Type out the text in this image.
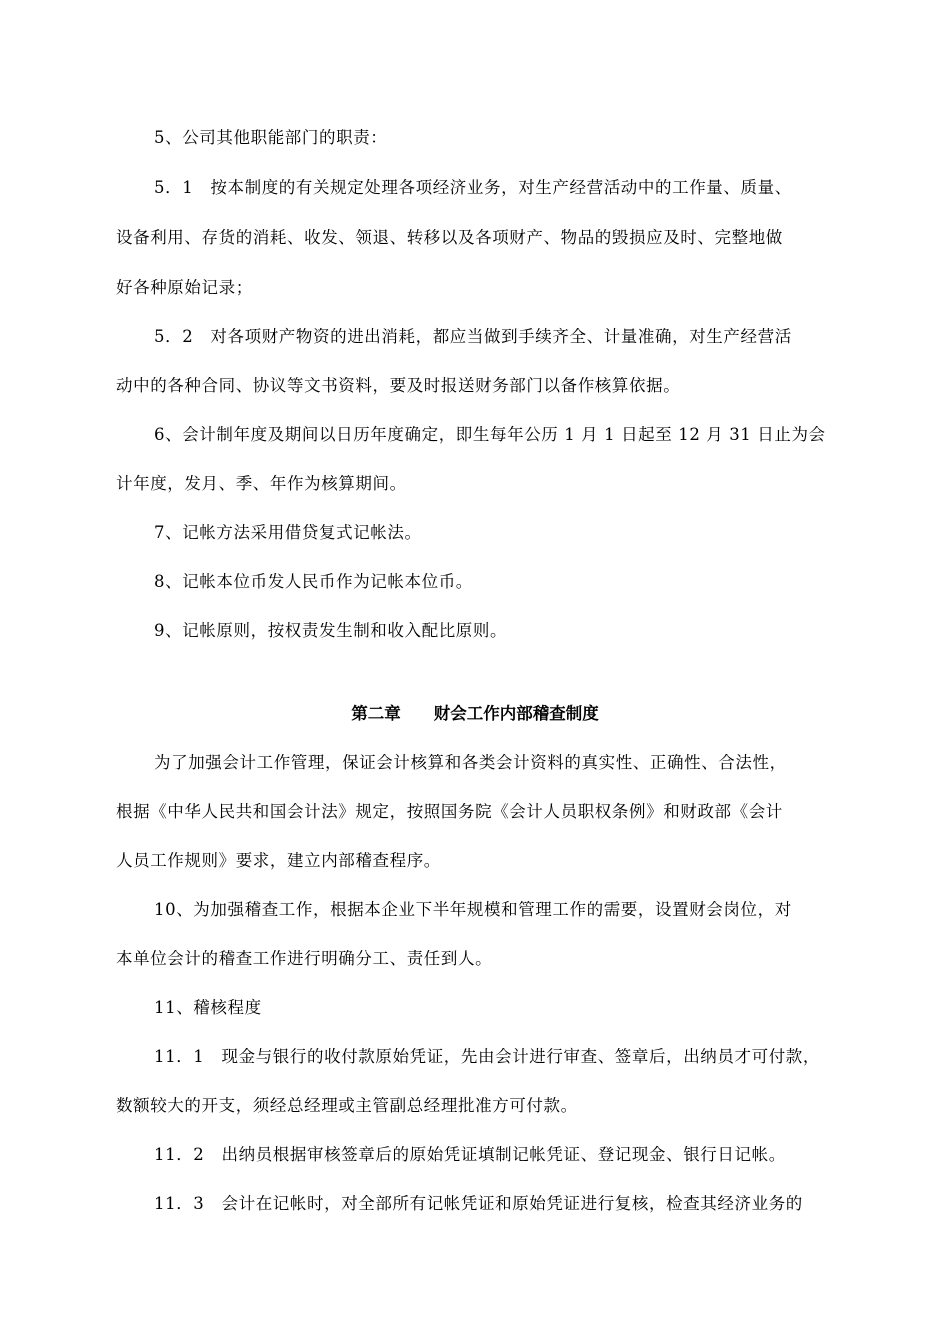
5、公司其他职能部门的职责：
5．1　按本制度的有关规定处理各项经济业务，对生产经营活动中的工作量、质量、
设备利用、存货的消耗、收发、领退、转移以及各项财产、物品的毁损应及时、完整地做
好各种原始记录；
5．2　对各项财产物资的进出消耗，都应当做到手续齐全、计量准确，对生产经营活
动中的各种合同、协议等文书资料，要及时报送财务部门以备作核算依据。
6、会计制年度及期间以日历年度确定，即生每年公历 1 月 1 日起至 12 月 31 日止为会
计年度，发月、季、年作为核算期间。
7、记帐方法采用借贷复式记帐法。
8、记帐本位币发人民币作为记帐本位币。
9、记帐原则，按权责发生制和收入配比原则。
第二章　　财会工作内部稽查制度
为了加强会计工作管理，保证会计核算和各类会计资料的真实性、正确性、合法性，
根据《中华人民共和国会计法》规定，按照国务院《会计人员职权条例》和财政部《会计
人员工作规则》要求，建立内部稽查程序。
10、为加强稽查工作，根据本企业下半年规模和管理工作的需要，设置财会岗位，对
本单位会计的稽查工作进行明确分工、责任到人。
11、稽核程度
11．1　现金与银行的收付款原始凭证，先由会计进行审查、签章后，出纳员才可付款，
数额较大的开支，须经总经理或主管副总经理批准方可付款。
11．2　出纳员根据审核签章后的原始凭证填制记帐凭证、登记现金、银行日记帐。
11．3　会计在记帐时，对全部所有记帐凭证和原始凭证进行复核，检查其经济业务的
